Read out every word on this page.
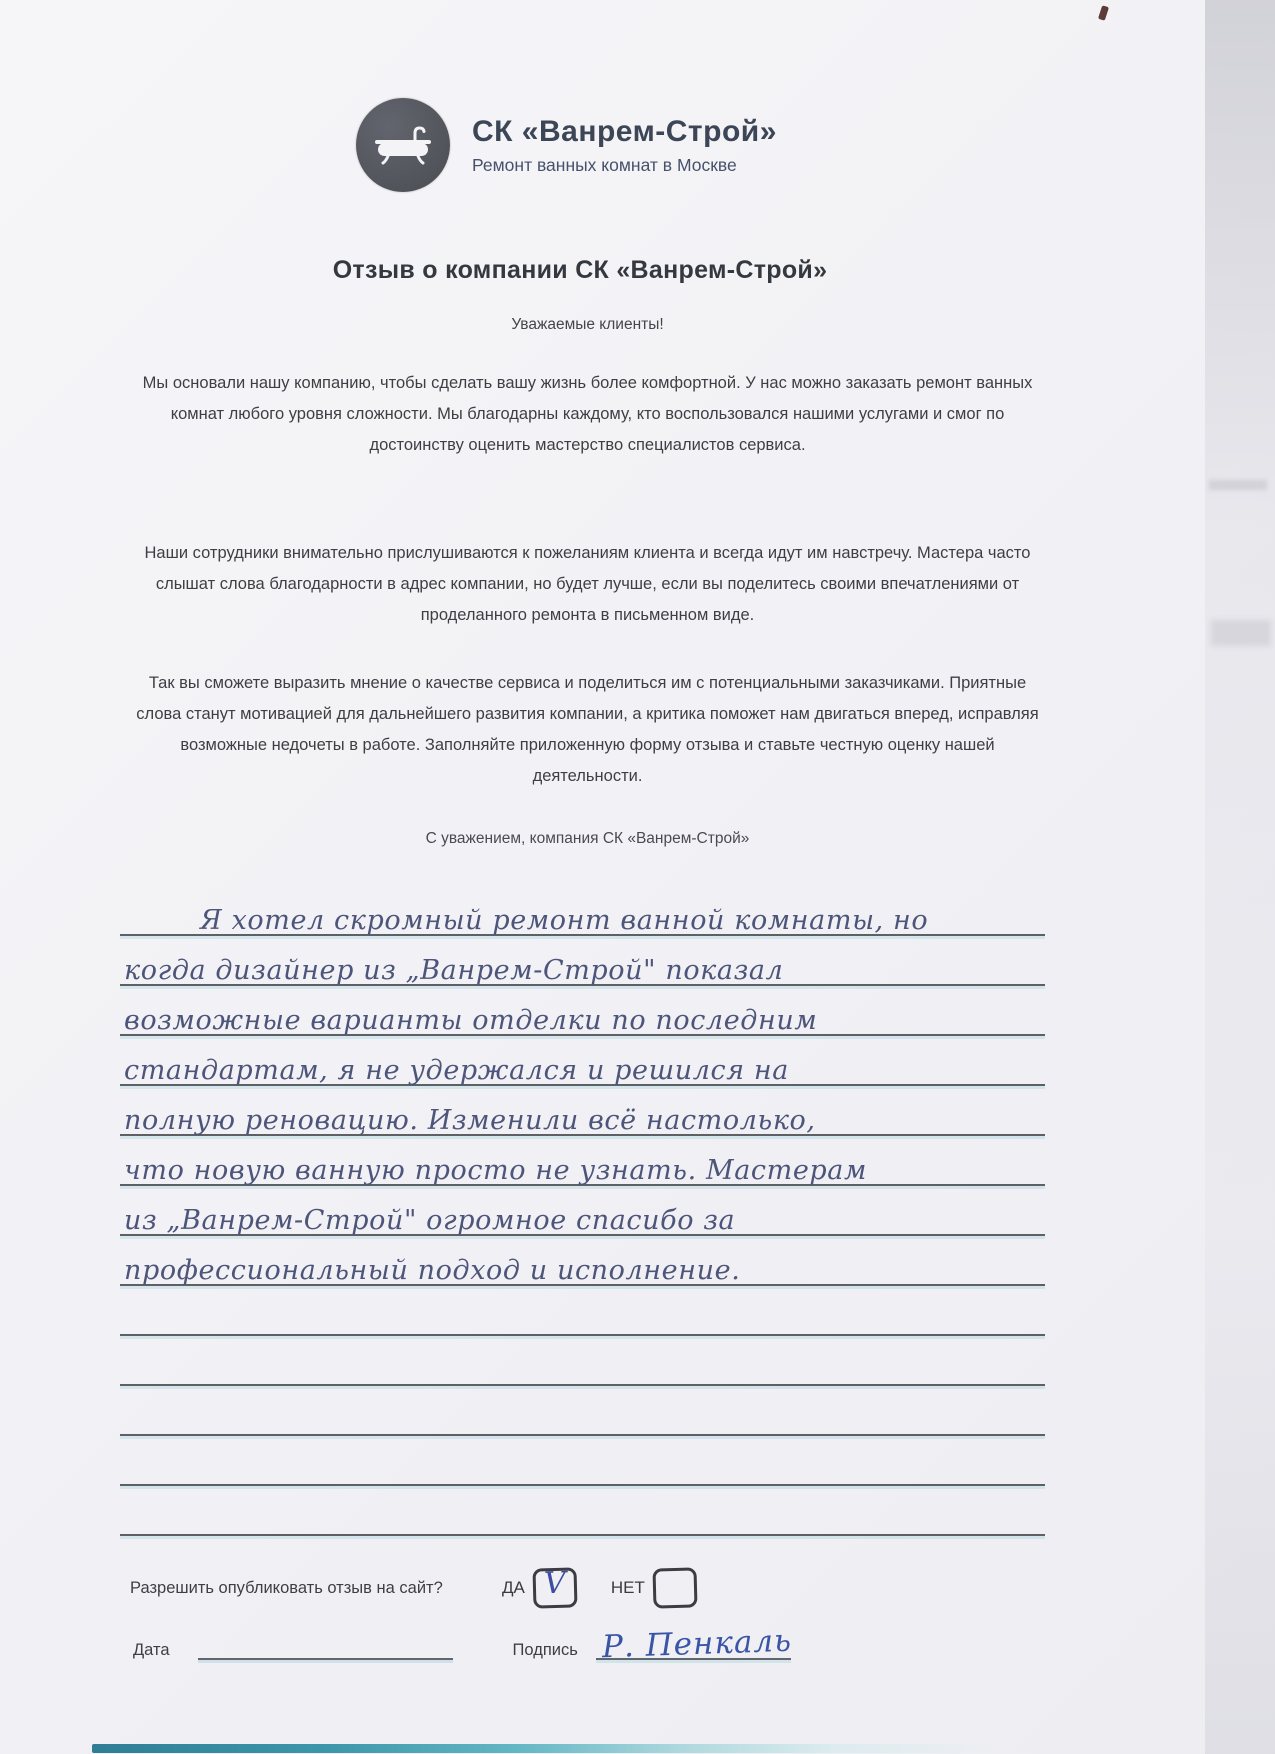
СК «Ванрем-Строй»
Ремонт ванных комнат в Москве
Отзыв о компании СК «Ванрем-Строй»

Уважаемые клиенты!

Мы основали нашу компанию, чтобы сделать вашу жизнь более комфортной. У нас можно заказать ремонт ванных комнат любого уровня сложности. Мы благодарны каждому, кто воспользовался нашими услугами и смог по достоинству оценить мастерство специалистов сервиса.

Наши сотрудники внимательно прислушиваются к пожеланиям клиента и всегда идут им навстречу. Мастера часто слышат слова благодарности в адрес компании, но будет лучше, если вы поделитесь своими впечатлениями от проделанного ремонта в письменном виде.

Так вы сможете выразить мнение о качестве сервиса и поделиться им с потенциальными заказчиками. Приятные слова станут мотивацией для дальнейшего развития компании, а критика поможет нам двигаться вперед, исправляя возможные недочеты в работе. Заполняйте приложенную форму отзыва и ставьте честную оценку нашей деятельности.

С уважением, компания СК «Ванрем-Строй»

Я хотел скромный ремонт ванной комнаты, но
когда дизайнер из „Ванрем-Строй" показал
возможные варианты отделки по последним
стандартам, я не удержался и решился на
полную реновацию. Изменили всё настолько,
что новую ванную просто не узнать. Мастерам
из „Ванрем-Строй" огромное спасибо за
профессиональный подход и исполнение.
Разрешить опубликовать отзыв на сайт?	ДА V	НЕТ
Дата	Подпись Р. Пенкаль
